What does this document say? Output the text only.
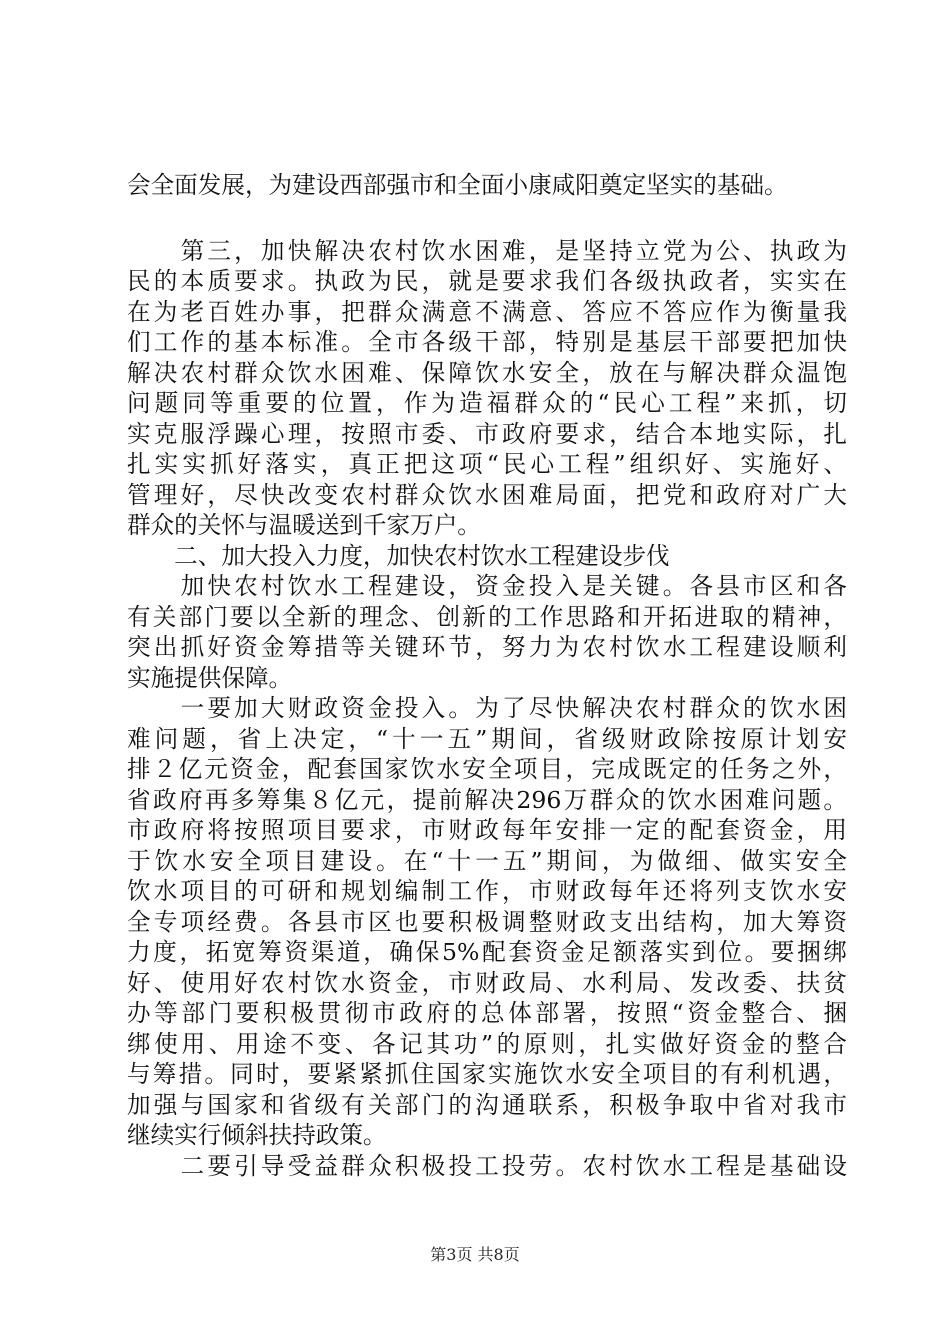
会全面发展，为建设西部强市和全面小康咸阳奠定坚实的基础。
　　第三，加快解决农村饮水困难，是坚持立党为公、执政为
民的本质要求。执政为民，就是要求我们各级执政者，实实在
在为老百姓办事，把群众满意不满意、答应不答应作为衡量我
们工作的基本标准。全市各级干部，特别是基层干部要把加快
解决农村群众饮水困难、保障饮水安全，放在与解决群众温饱
问题同等重要的位置，作为造福群众的“民心工程”来抓，切
实克服浮躁心理，按照市委、市政府要求，结合本地实际，扎
扎实实抓好落实，真正把这项“民心工程”组织好、实施好、
管理好，尽快改变农村群众饮水困难局面，把党和政府对广大
群众的关怀与温暖送到千家万户。
　　二、加大投入力度，加快农村饮水工程建设步伐
　　加快农村饮水工程建设，资金投入是关键。各县市区和各
有关部门要以全新的理念、创新的工作思路和开拓进取的精神，
突出抓好资金筹措等关键环节，努力为农村饮水工程建设顺利
实施提供保障。
　　一要加大财政资金投入。为了尽快解决农村群众的饮水困
难问题，省上决定，“十一五”期间，省级财政除按原计划安
排２亿元资金，配套国家饮水安全项目，完成既定的任务之外，
省政府再多筹集８亿元，提前解决296万群众的饮水困难问题。
市政府将按照项目要求，市财政每年安排一定的配套资金，用
于饮水安全项目建设。在“十一五”期间，为做细、做实安全
饮水项目的可研和规划编制工作，市财政每年还将列支饮水安
全专项经费。各县市区也要积极调整财政支出结构，加大筹资
力度，拓宽筹资渠道，确保5%配套资金足额落实到位。要捆绑
好、使用好农村饮水资金，市财政局、水利局、发改委、扶贫
办等部门要积极贯彻市政府的总体部署，按照“资金整合、捆
绑使用、用途不变、各记其功”的原则，扎实做好资金的整合
与筹措。同时，要紧紧抓住国家实施饮水安全项目的有利机遇，
加强与国家和省级有关部门的沟通联系，积极争取中省对我市
继续实行倾斜扶持政策。
　　二要引导受益群众积极投工投劳。农村饮水工程是基础设
第3页 共8页
